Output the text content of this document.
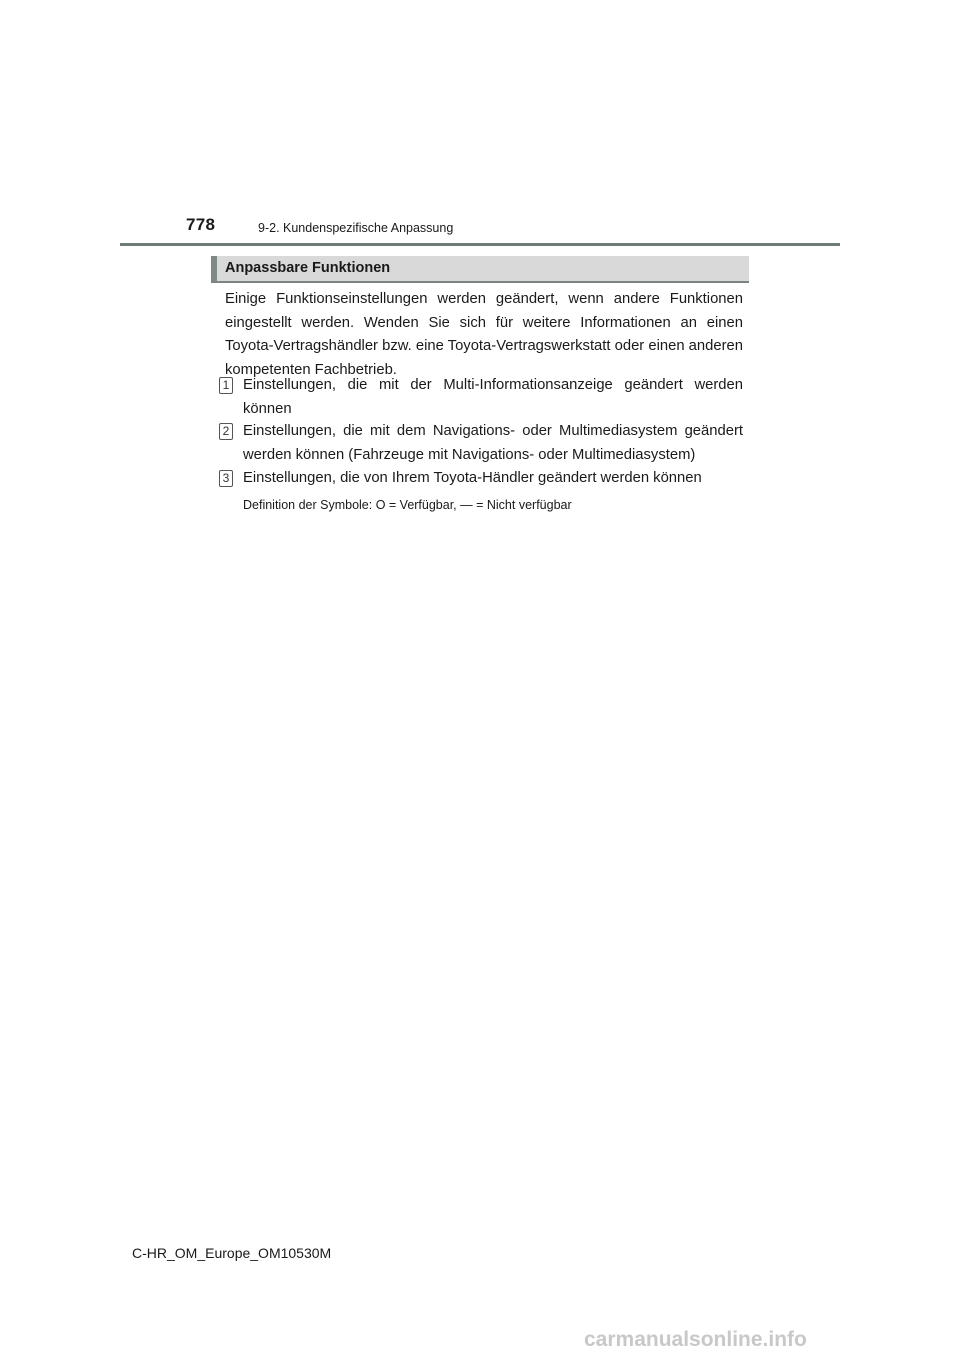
778	9-2. Kundenspezifische Anpassung
Anpassbare Funktionen
Einige Funktionseinstellungen werden geändert, wenn andere Funktionen eingestellt werden. Wenden Sie sich für weitere Informationen an einen Toyota-Vertragshändler bzw. eine Toyota-Vertragswerkstatt oder einen anderen kompetenten Fachbetrieb.
1 Einstellungen, die mit der Multi-Informationsanzeige geändert werden können
2 Einstellungen, die mit dem Navigations- oder Multimediasystem geändert werden können (Fahrzeuge mit Navigations- oder Multimediasystem)
3 Einstellungen, die von Ihrem Toyota-Händler geändert werden können
Definition der Symbole: O = Verfügbar, — = Nicht verfügbar
C-HR_OM_Europe_OM10530M
carmanualsonline.info
